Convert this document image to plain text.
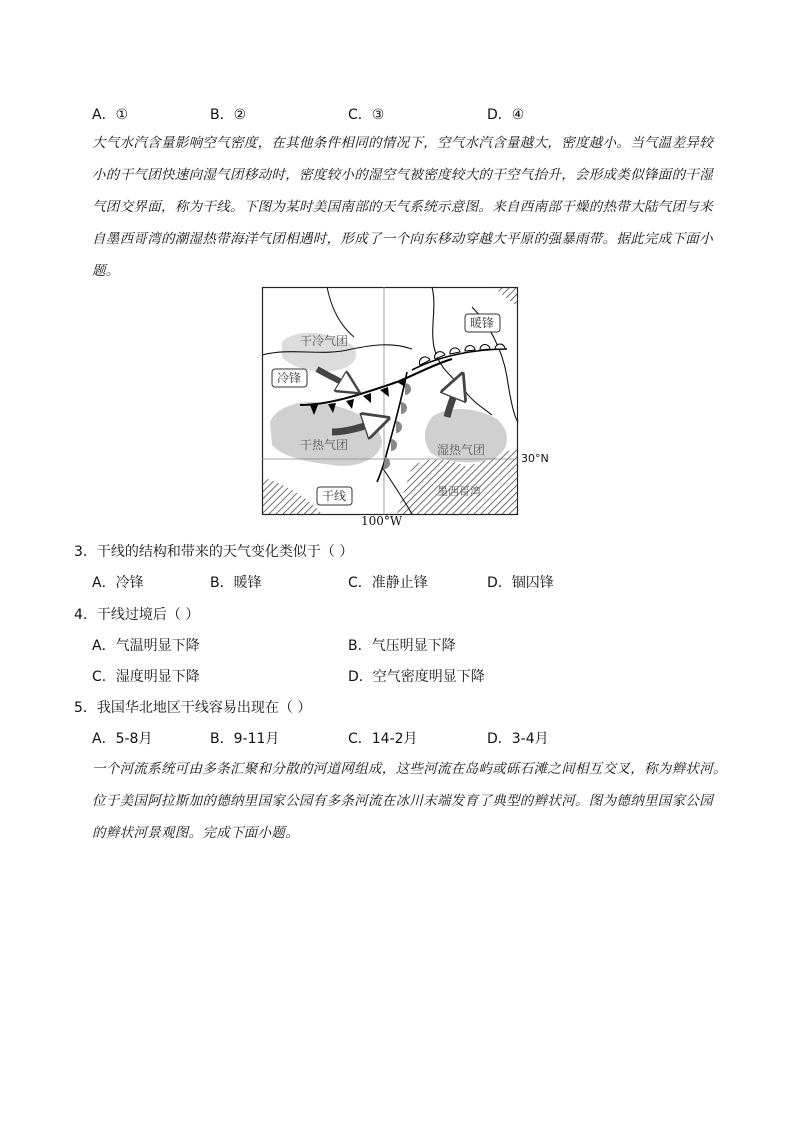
A．①	B．②	C．③	D．④

大气水汽含量影响空气密度，在其他条件相同的情况下，空气水汽含量越大，密度越小。当气温差异较

小的干气团快速向湿气团移动时，密度较小的湿空气被密度较大的干空气抬升，会形成类似锋面的干湿

气团交界面，称为干线。下图为某时美国南部的天气系统示意图。来自西南部干燥的热带大陆气团与来

自墨西哥湾的潮湿热带海洋气团相遇时，形成了一个向东移动穿越大平原的强暴雨带。据此完成下面小

题。

暖锋
冷锋
干冷气团
干热气团	湿热气团
干线	墨西哥湾
30°N
100°W
3．干线的结构和带来的天气变化类似于（ ）
A．冷锋	B．暖锋	C．准静止锋	D．锢囚锋
4．干线过境后（ ）
A．气温明显下降	B．气压明显下降
C．湿度明显下降	D．空气密度明显下降
5．我国华北地区干线容易出现在（ ）
A．5-8月	B．9-11月	C．14-2月	D．3-4月

一个河流系统可由多条汇聚和分散的河道网组成，这些河流在岛屿或砾石滩之间相互交叉，称为辫状河。

位于美国阿拉斯加的德纳里国家公园有多条河流在冰川末端发育了典型的辫状河。图为德纳里国家公园

的辫状河景观图。完成下面小题。
